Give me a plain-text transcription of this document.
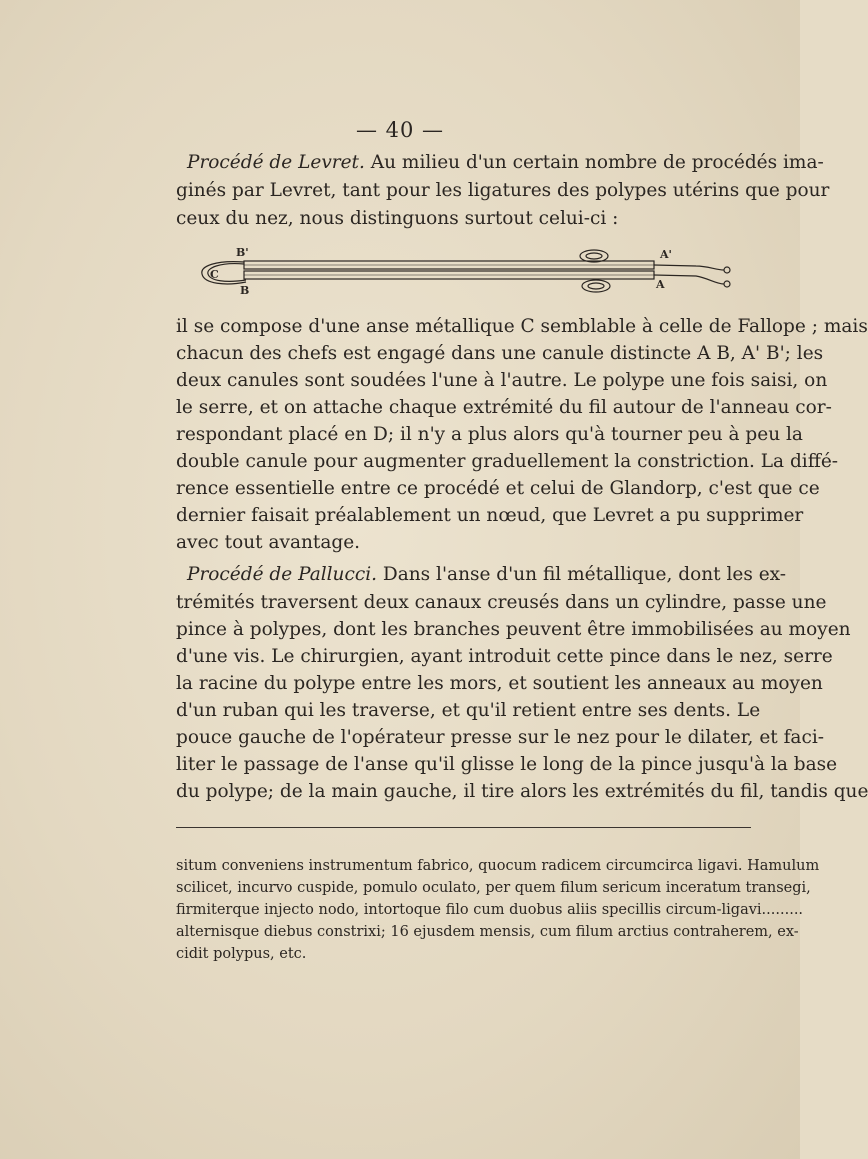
— 40 —
Procédé de Levret. Au milieu d'un certain nombre de procédés ima-
ginés par Levret, tant pour les ligatures des polypes utérins que pour
ceux du nez, nous distinguons surtout celui-ci :
C
B'
B
A'
A
il se compose d'une anse métallique C semblable à celle de Fallope ; mais
chacun des chefs est engagé dans une canule distincte A B, A' B'; les
deux canules sont soudées l'une à l'autre. Le polype une fois saisi, on
le serre, et on attache chaque extrémité du fil autour de l'anneau cor-
respondant placé en D; il n'y a plus alors qu'à tourner peu à peu la
double canule pour augmenter graduellement la constriction. La diffé-
rence essentielle entre ce procédé et celui de Glandorp, c'est que ce
dernier faisait préalablement un nœud, que Levret a pu supprimer
avec tout avantage.
Procédé de Pallucci. Dans l'anse d'un fil métallique, dont les ex-
trémités traversent deux canaux creusés dans un cylindre, passe une
pince à polypes, dont les branches peuvent être immobilisées au moyen
d'une vis. Le chirurgien, ayant introduit cette pince dans le nez, serre
la racine du polype entre les mors, et soutient les anneaux au moyen
d'un ruban qui les traverse, et qu'il retient entre ses dents. Le
pouce gauche de l'opérateur presse sur le nez pour le dilater, et faci-
liter le passage de l'anse qu'il glisse le long de la pince jusqu'à la base
du polype; de la main gauche, il tire alors les extrémités du fil, tandis que
situm conveniens instrumentum fabrico, quocum radicem circumcirca ligavi. Hamulum
scilicet, incurvo cuspide, pomulo oculato, per quem filum sericum inceratum transegi,
firmiterque injecto nodo, intortoque filo cum duobus aliis specillis circum-ligavi.........
alternisque diebus constrixi; 16 ejusdem mensis, cum filum arctius contraherem, ex-
cidit polypus, etc.
